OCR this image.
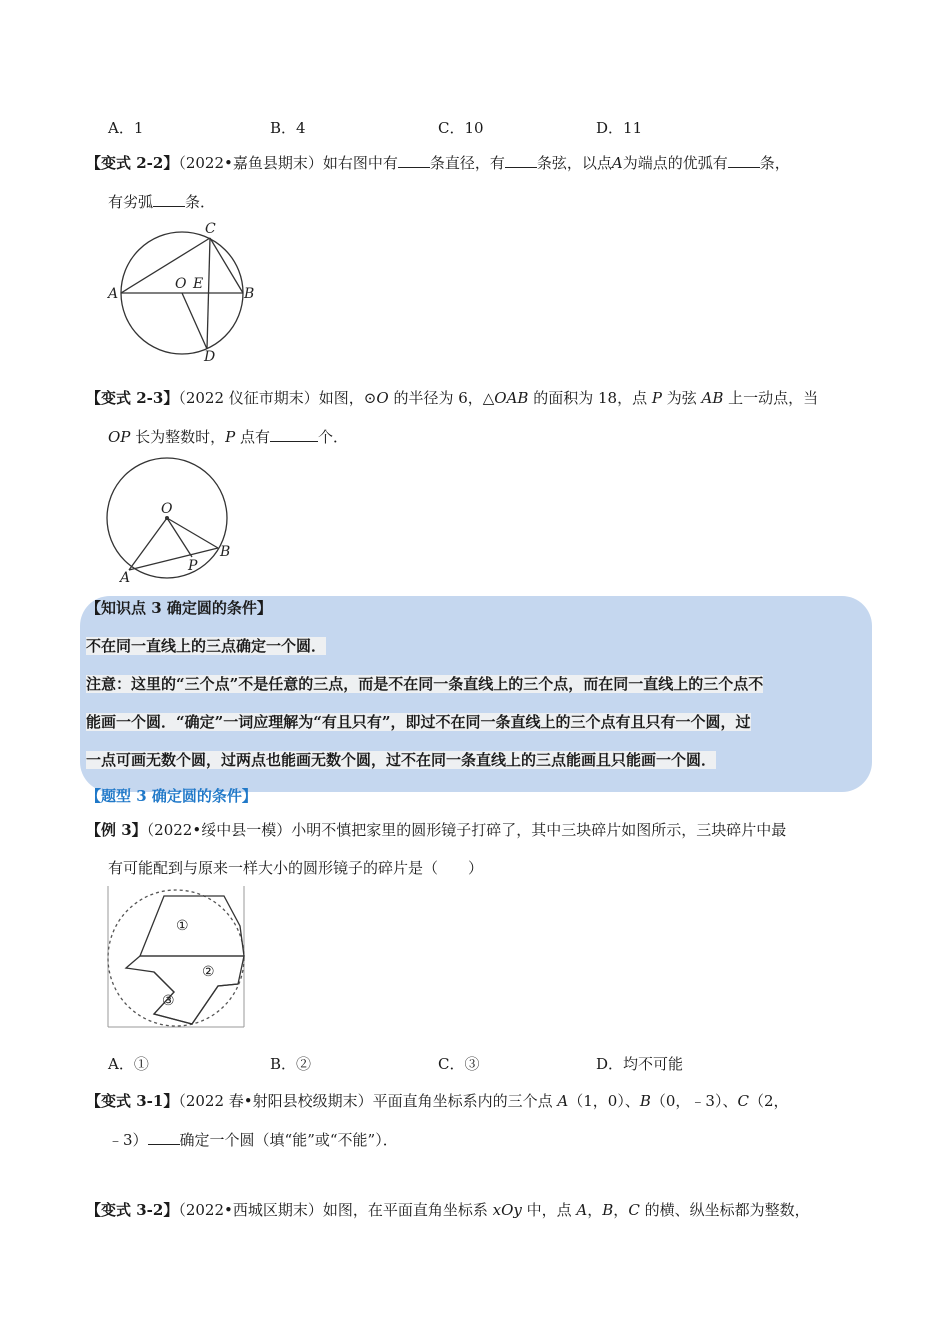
A．1	B．4	C．10	D．11
【变式 2-2】（2022•嘉鱼县期末）如右图中有 条直径，有 条弦，以点A为端点的优弧有 条，
有劣弧 条．
A	B
C
D
O E
【变式 2-3】（2022 仪征市期末）如图，⊙O 的半径为 6，△OAB 的面积为 18，点 P 为弦 AB 上一动点，当
OP 长为整数时，P 点有	个．
O
A
B
P
【知识点 3 确定圆的条件】
不在同一直线上的三点确定一个圆．
注意：这里的“三个点”不是任意的三点，而是不在同一条直线上的三个点，而在同一直线上的三个点不
能画一个圆．“确定”一词应理解为“有且只有”，即过不在同一条直线上的三个点有且只有一个圆，过
一点可画无数个圆，过两点也能画无数个圆，过不在同一条直线上的三点能画且只能画一个圆．
【题型 3 确定圆的条件】
【例 3】（2022•绥中县一模）小明不慎把家里的圆形镜子打碎了，其中三块碎片如图所示，三块碎片中最
有可能配到与原来一样大小的圆形镜子的碎片是（　　）
①
②
③
A．①	B．②	C．③	D．均不可能
【变式 3-1】（2022 春•射阳县校级期末）平面直角坐标系内的三个点 A（1，0）、B（0，﹣3）、C（2，
﹣3） 确定一个圆（填“能”或“不能”）．
【变式 3-2】（2022•西城区期末）如图，在平面直角坐标系 xOy 中，点 A，B，C 的横、纵坐标都为整数，
